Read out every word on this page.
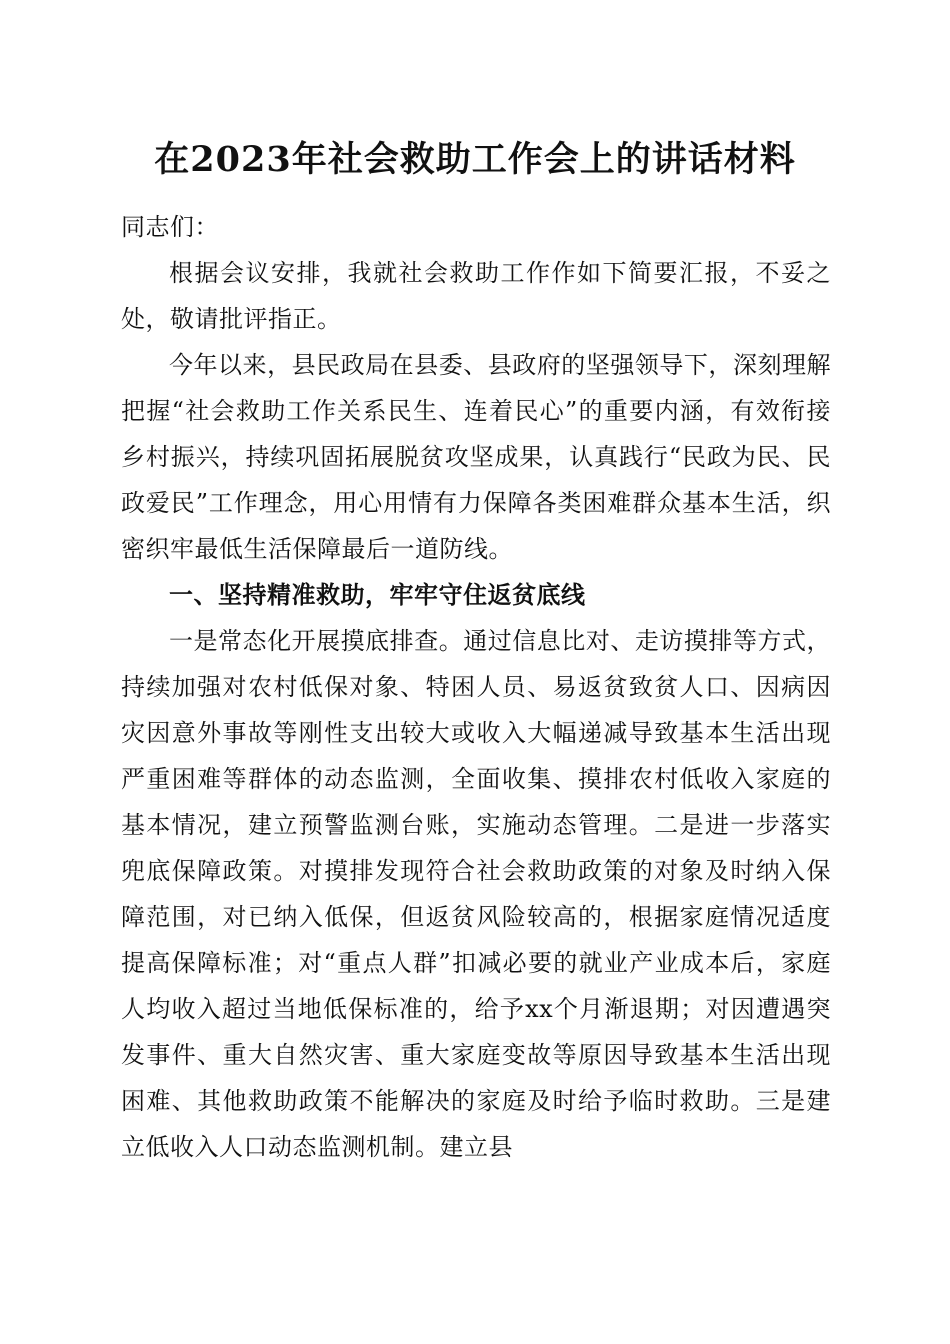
在2023年社会救助工作会上的讲话材料

同志们：

根据会议安排，我就社会救助工作作如下简要汇报，不妥之处，敬请批评指正。

今年以来，县民政局在县委、县政府的坚强领导下，深刻理解把握“社会救助工作关系民生、连着民心”的重要内涵，有效衔接乡村振兴，持续巩固拓展脱贫攻坚成果，认真践行“民政为民、民政爱民”工作理念，用心用情有力保障各类困难群众基本生活，织密织牢最低生活保障最后一道防线。

一、坚持精准救助，牢牢守住返贫底线

一是常态化开展摸底排查。通过信息比对、走访摸排等方式，持续加强对农村低保对象、特困人员、易返贫致贫人口、因病因灾因意外事故等刚性支出较大或收入大幅递减导致基本生活出现严重困难等群体的动态监测，全面收集、摸排农村低收入家庭的基本情况，建立预警监测台账，实施动态管理。二是进一步落实兜底保障政策。对摸排发现符合社会救助政策的对象及时纳入保障范围，对已纳入低保，但返贫风险较高的，根据家庭情况适度提高保障标准；对“重点人群”扣减必要的就业产业成本后，家庭人均收入超过当地低保标准的，给予xx个月渐退期；对因遭遇突发事件、重大自然灾害、重大家庭变故等原因导致基本生活出现困难、其他救助政策不能解决的家庭及时给予临时救助。三是建立低收入人口动态监测机制。建立县
